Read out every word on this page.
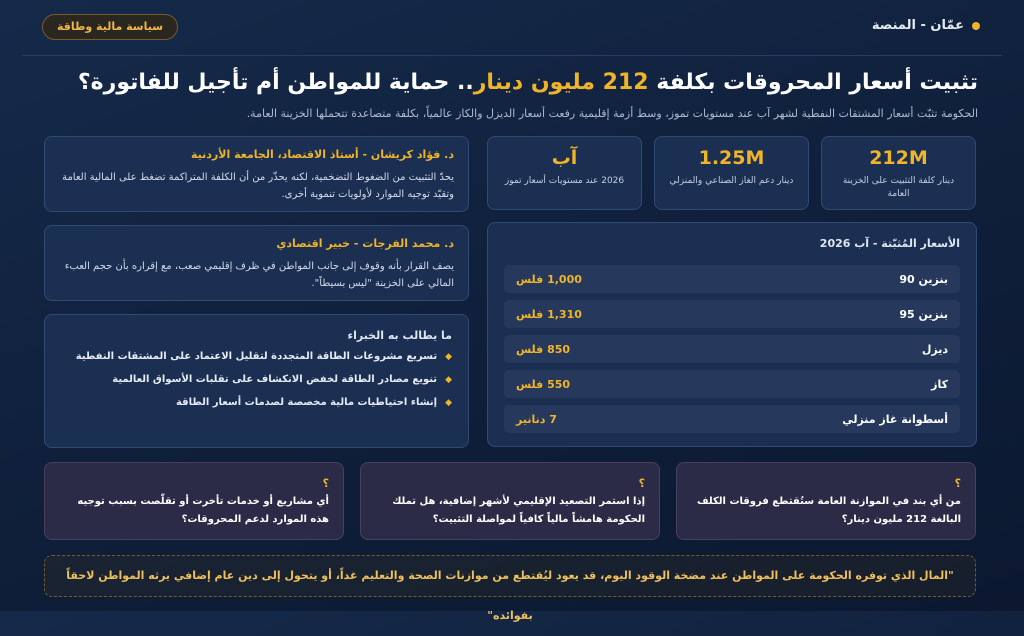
عمّان - المنصة
سياسة مالية وطاقة
تثبيت أسعار المحروقات بكلفة 212 مليون دينار.. حماية للمواطن أم تأجيل للفاتورة؟
الحكومة تثبّت أسعار المشتقات النفطية لشهر آب عند مستويات تموز، وسط أزمة إقليمية رفعت أسعار الديزل والكاز عالمياً، بكلفة متصاعدة تتحملها الخزينة العامة.
212M
دينار كلفة التثبيت على الخزينة العامة
1.25M
دينار دعم الغاز الصناعي والمنزلي
آب
2026 عند مستويات أسعار تموز
الأسعار المُثبّتة - آب 2026
بنزين 90
1,000 فلس
بنزين 95
1,310 فلس
ديزل
850 فلس
كاز
550 فلس
أسطوانة غاز منزلي
7 دنانير
د. فؤاد كريشان - أستاذ الاقتصاد، الجامعة الأردنية
يحدّ التثبيت من الضغوط التضخمية، لكنه يحذّر من أن الكلفة المتراكمة تضغط على المالية العامة وتقيّد توجيه الموارد لأولويات تنموية أخرى.
د. محمد الفرجات - خبير اقتصادي
يصف القرار بأنه وقوف إلى جانب المواطن في ظرف إقليمي صعب، مع إقراره بأن حجم العبء المالي على الخزينة "ليس بسيطاً".
ما يطالب به الخبراء
◆
تسريع مشروعات الطاقة المتجددة لتقليل الاعتماد على المشتقات النفطية
◆
تنويع مصادر الطاقة لخفض الانكشاف على تقلبات الأسواق العالمية
◆
إنشاء احتياطيات مالية مخصصة لصدمات أسعار الطاقة
؟
من أي بند في الموازنة العامة ستُقتطع فروقات الكلف البالغة 212 مليون دينار؟
؟
إذا استمر التصعيد الإقليمي لأشهر إضافية، هل تملك الحكومة هامشاً مالياً كافياً لمواصلة التثبيت؟
؟
أي مشاريع أو خدمات تأخرت أو تقلّصت بسبب توجيه هذه الموارد لدعم المحروقات؟
"المال الذي توفره الحكومة على المواطن عند مضخة الوقود اليوم، قد يعود ليُقتطع من موازنات الصحة والتعليم غداً، أو يتحول إلى دين عام إضافي يرثه المواطن لاحقاً بفوائده"
